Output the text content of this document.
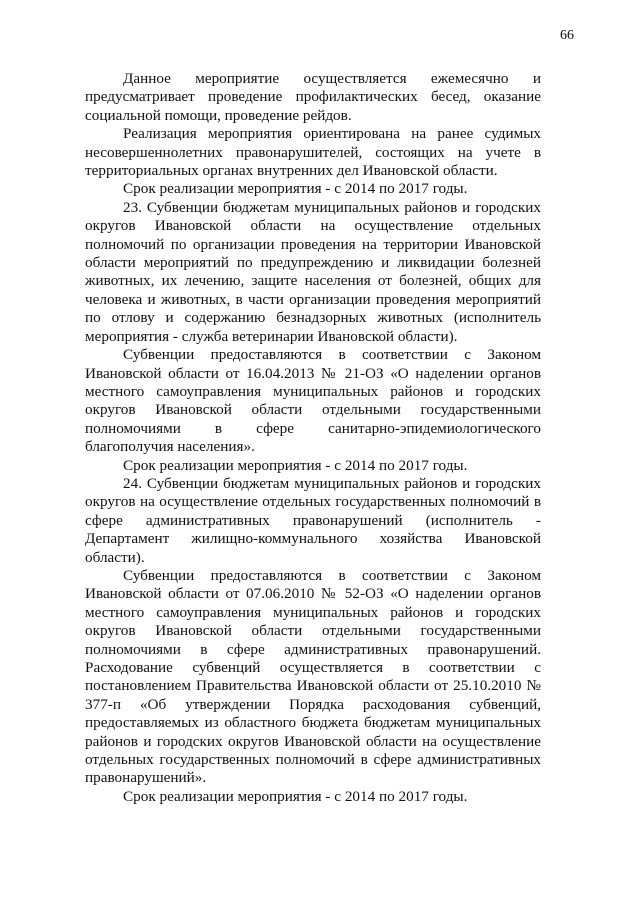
66

Данное мероприятие осуществляется ежемесячно и предусматривает проведение профилактических бесед, оказание социальной помощи, проведение рейдов.

Реализация мероприятия ориентирована на ранее судимых несовершеннолетних правонарушителей, состоящих на учете в территориальных органах внутренних дел Ивановской области.

Срок реализации мероприятия - с 2014 по 2017 годы.

23. Субвенции бюджетам муниципальных районов и городских округов Ивановской области на осуществление отдельных полномочий по организации проведения на территории Ивановской области мероприятий по предупреждению и ликвидации болезней животных, их лечению, защите населения от болезней, общих для человека и животных, в части организации проведения мероприятий по отлову и содержанию безнадзорных животных (исполнитель мероприятия - служба ветеринарии Ивановской области).

Субвенции предоставляются в соответствии с Законом Ивановской области от 16.04.2013 № 21-ОЗ «О наделении органов местного самоуправления муниципальных районов и городских округов Ивановской области отдельными государственными полномочиями в сфере санитарно-эпидемиологического благополучия населения».

Срок реализации мероприятия - с 2014 по 2017 годы.

24. Субвенции бюджетам муниципальных районов и городских округов на осуществление отдельных государственных полномочий в сфере административных правонарушений (исполнитель - Департамент жилищно-коммунального хозяйства Ивановской области).

Субвенции предоставляются в соответствии с Законом Ивановской области от 07.06.2010 № 52-ОЗ «О наделении органов местного самоуправления муниципальных районов и городских округов Ивановской области отдельными государственными полномочиями в сфере административных правонарушений. Расходование субвенций осуществляется в соответствии с постановлением Правительства Ивановской области от 25.10.2010 № 377-п «Об утверждении Порядка расходования субвенций, предоставляемых из областного бюджета бюджетам муниципальных районов и городских округов Ивановской области на осуществление отдельных государственных полномочий в сфере административных правонарушений».

Срок реализации мероприятия - с 2014 по 2017 годы.
